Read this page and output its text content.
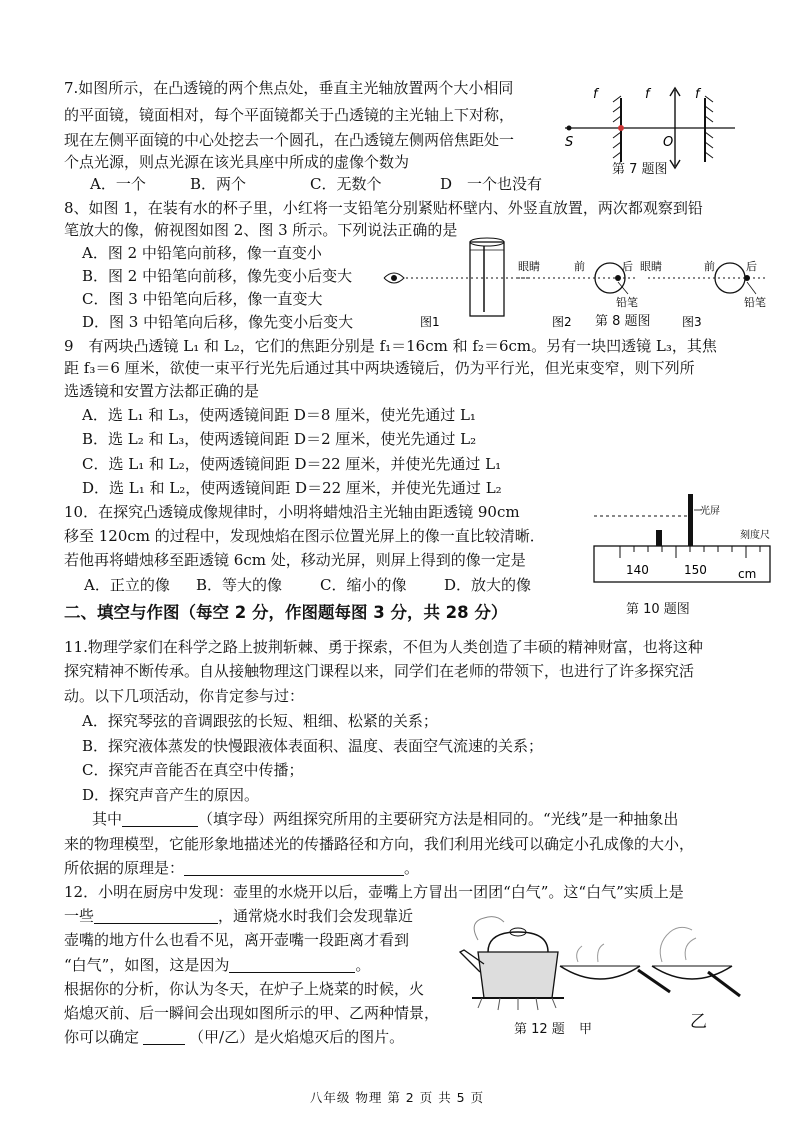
7.如图所示，在凸透镜的两个焦点处，垂直主光轴放置两个大小相同
的平面镜，镜面相对，每个平面镜都关于凸透镜的主光轴上下对称，
现在左侧平面镜的中心处挖去一个圆孔，在凸透镜左侧两倍焦距处一
个点光源，则点光源在该光具座中所成的虚像个数为
A．一个	B．两个	C．无数个	D　一个也没有
f	f	f
S	O
第 7 题图
8、如图 1，在装有水的杯子里，小红将一支铅笔分别紧贴杯壁内、外竖直放置，两次都观察到铅
笔放大的像，俯视图如图 2、图 3 所示。下列说法正确的是
A．图 2 中铅笔向前移，像一直变小
B．图 2 中铅笔向前移，像先变小后变大
C．图 3 中铅笔向后移，像一直变大
D．图 3 中铅笔向后移，像先变小后变大
眼睛	前	后 眼睛	前	后
铅笔	铅笔
图1	图2	图3
第 8 题图
9　有两块凸透镜 L₁ 和 L₂，它们的焦距分别是 f₁＝16cm 和 f₂＝6cm。另有一块凹透镜 L₃，其焦
距 f₃＝6 厘米，欲使一束平行光先后通过其中两块透镜后，仍为平行光，但光束变窄，则下列所
选透镜和安置方法都正确的是
A．选 L₁ 和 L₃，使两透镜间距 D＝8 厘米，使光先通过 L₁
B．选 L₂ 和 L₃，使两透镜间距 D＝2 厘米，使光先通过 L₂
C．选 L₁ 和 L₂，使两透镜间距 D＝22 厘米，并使光先通过 L₁
D．选 L₁ 和 L₂，使两透镜间距 D＝22 厘米，并使光先通过 L₂
10．在探究凸透镜成像规律时，小明将蜡烛沿主光轴由距透镜 90cm
移至 120cm 的过程中，发现烛焰在图示位置光屏上的像一直比较清晰．
若他再将蜡烛移至距透镜 6cm 处，移动光屏，则屏上得到的像一定是
A．正立的像 B．等大的像	C．缩小的像	D．放大的像
光屏
刻度尺
140	150	cm
第 10 题图
二、填空与作图（每空 2 分，作图题每图 3 分，共 28 分）
11.物理学家们在科学之路上披荆斩棘、勇于探索，不但为人类创造了丰硕的精神财富，也将这种
探究精神不断传承。自从接触物理这门课程以来，同学们在老师的带领下，也进行了许多探究活
动。以下几项活动，你肯定参与过：
A．探究琴弦的音调跟弦的长短、粗细、松紧的关系；
B．探究液体蒸发的快慢跟液体表面积、温度、表面空气流速的关系；
C．探究声音能否在真空中传播；
D．探究声音产生的原因。
其中	（填字母）两组探究所用的主要研究方法是相同的。“光线”是一种抽象出
来的物理模型，它能形象地描述光的传播路径和方向，我们利用光线可以确定小孔成像的大小，
所依据的原理是：	。
12．小明在厨房中发现：壶里的水烧开以后，壶嘴上方冒出一团团“白气”。这“白气”实质上是
一些	，通常烧水时我们会发现靠近
壶嘴的地方什么也看不见，离开壶嘴一段距离才看到
“白气”，如图，这是因为	。
根据你的分析，你认为冬天，在炉子上烧菜的时候，火
焰熄灭前、后一瞬间会出现如图所示的甲、乙两种情景，
你可以确定	（甲/乙）是火焰熄灭后的图片。	第 12 题 甲	乙
八年级 物理 第 2 页 共 5 页
